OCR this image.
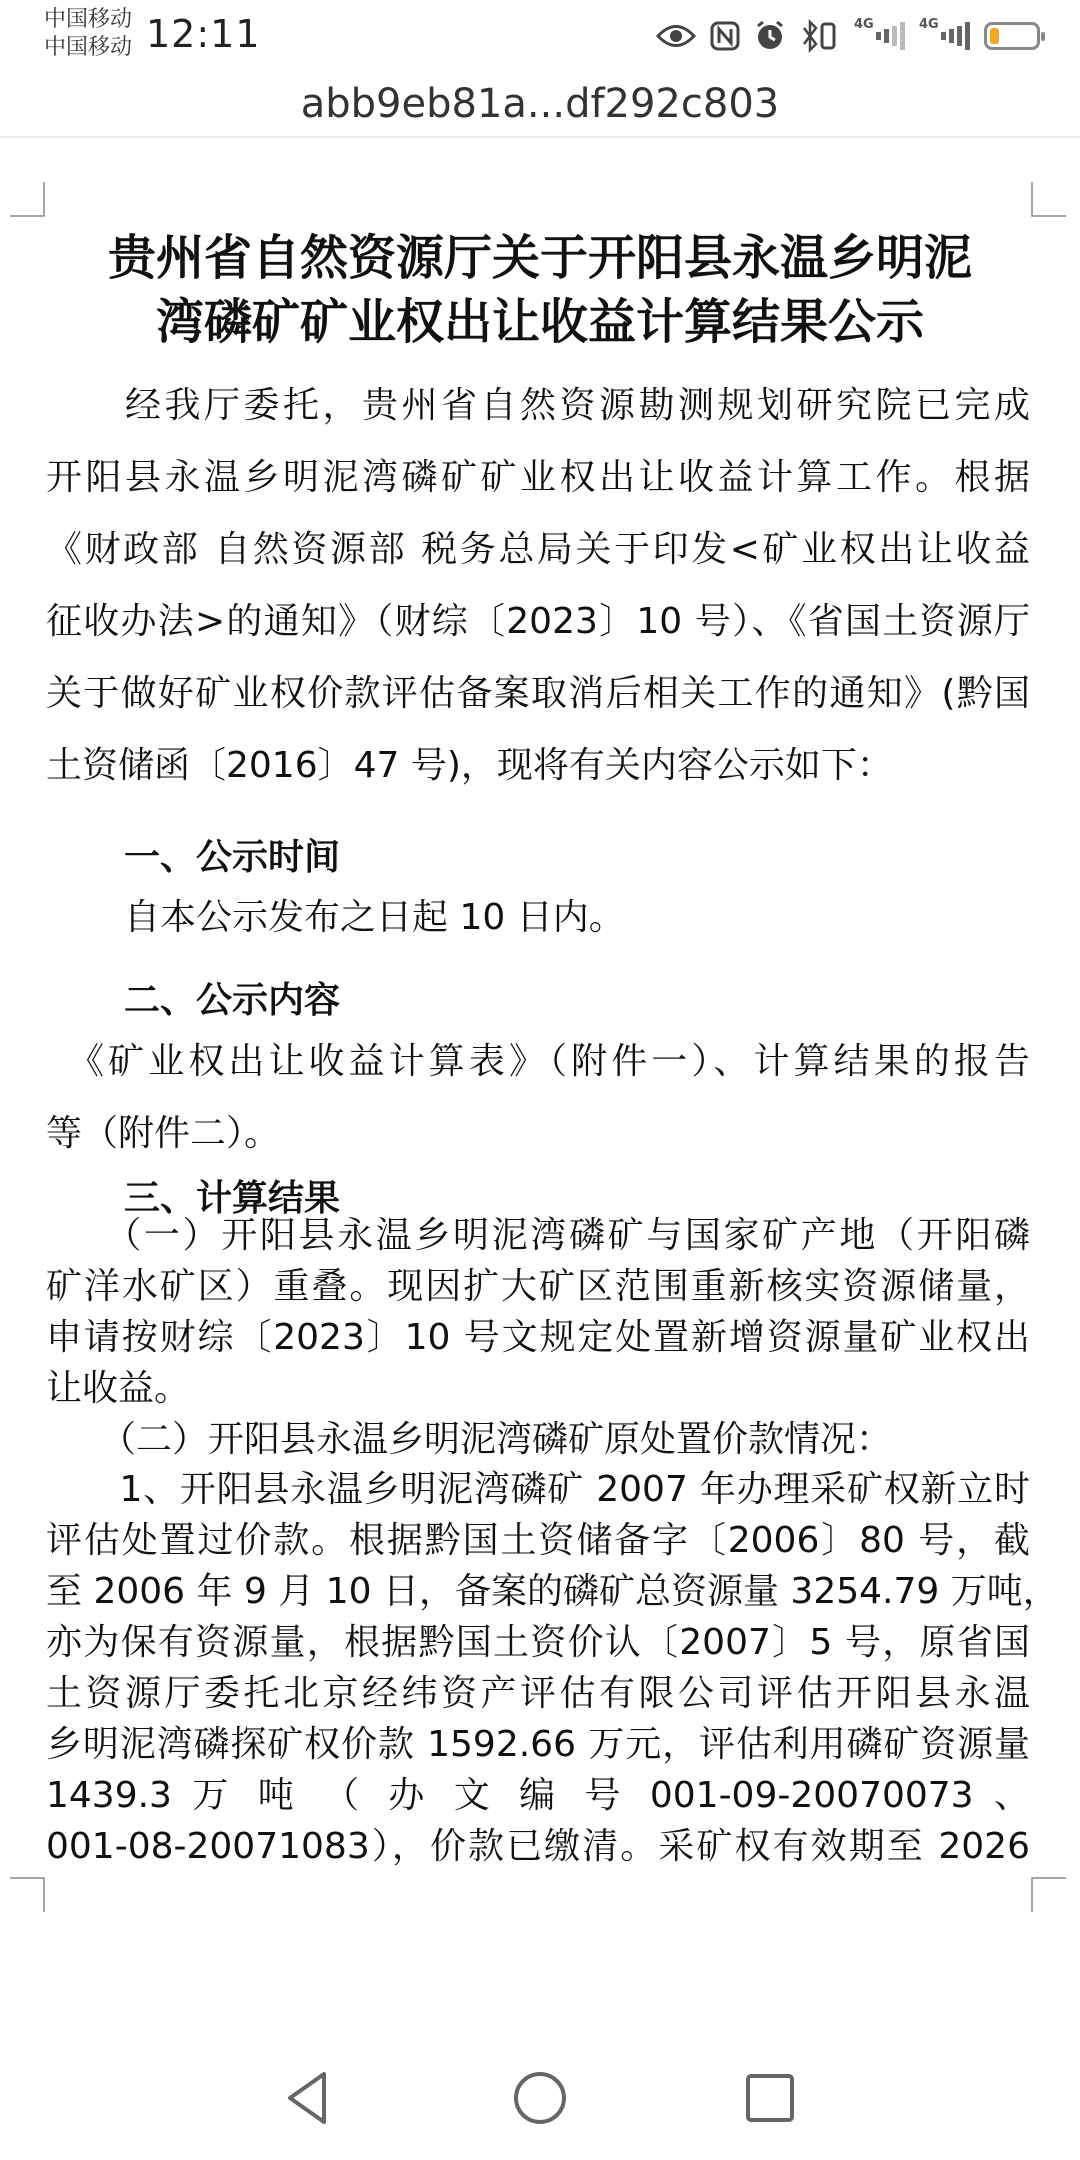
中国移动
中国移动 12:11	4G	4G
abb9eb81a...df292c803
贵州省自然资源厅关于开阳县永温乡明泥
湾磷矿矿业权出让收益计算结果公示
　　经我厅委托，贵州省自然资源勘测规划研究院已完成
开阳县永温乡明泥湾磷矿矿业权出让收益计算工作。根据
《财政部 自然资源部 税务总局关于印发<矿业权出让收益
征收办法>的通知》（财综〔2023〕10 号）、《省国土资源厅
关于做好矿业权价款评估备案取消后相关工作的通知》(黔国
土资储函〔2016〕47 号)，现将有关内容公示如下：
一、公示时间
自本公示发布之日起 10 日内。
二、公示内容
　《矿业权出让收益计算表》（附件一）、计算结果的报告
等（附件二）。
三、计算结果
　　（一）开阳县永温乡明泥湾磷矿与国家矿产地（开阳磷
矿洋水矿区）重叠。现因扩大矿区范围重新核实资源储量，
申请按财综〔2023〕10 号文规定处置新增资源量矿业权出
让收益。
　　（二）开阳县永温乡明泥湾磷矿原处置价款情况：
　　1、开阳县永温乡明泥湾磷矿 2007 年办理采矿权新立时
评估处置过价款。根据黔国土资储备字〔2006〕80 号，截
至 2006 年 9 月 10 日，备案的磷矿总资源量 3254.79 万吨，
亦为保有资源量，根据黔国土资价认〔2007〕5 号，原省国
土资源厅委托北京经纬资产评估有限公司评估开阳县永温
乡明泥湾磷探矿权价款 1592.66 万元，评估利用磷矿资源量
1439.3 万 吨 （ 办 文 编 号 001-09-20070073 、
001-08-20071083），价款已缴清。采矿权有效期至 2026
